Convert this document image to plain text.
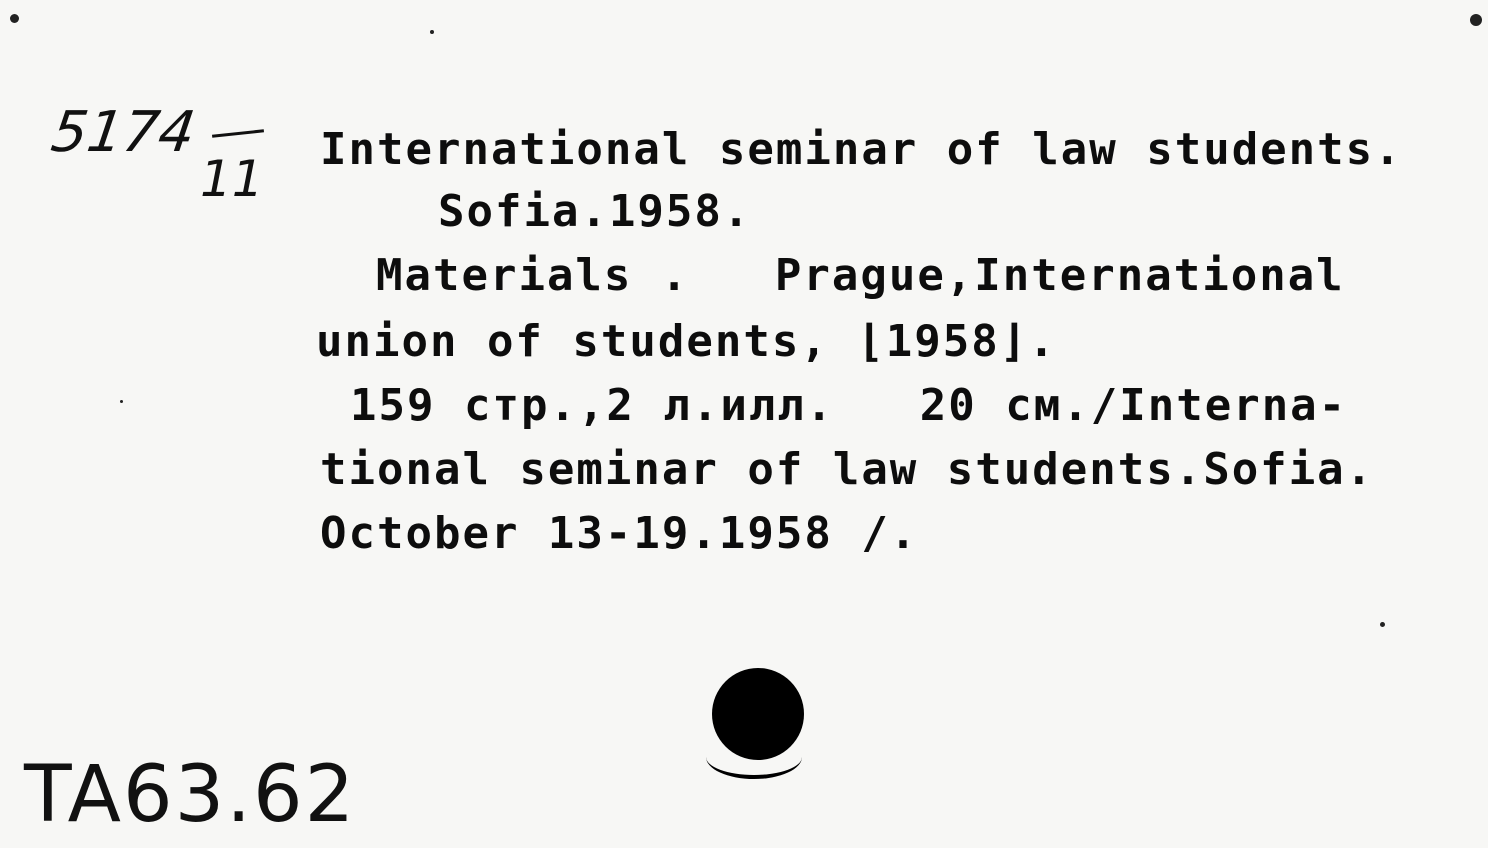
5174
11
TA63.62
International seminar of law students.
Sofia.1958.
Materials .   Prague,International
union of students, ⌊1958⌋.
159 стр.,2 л.илл.   20 см./Interna-
tional seminar of law students.Sofia.
October 13-19.1958 /.
